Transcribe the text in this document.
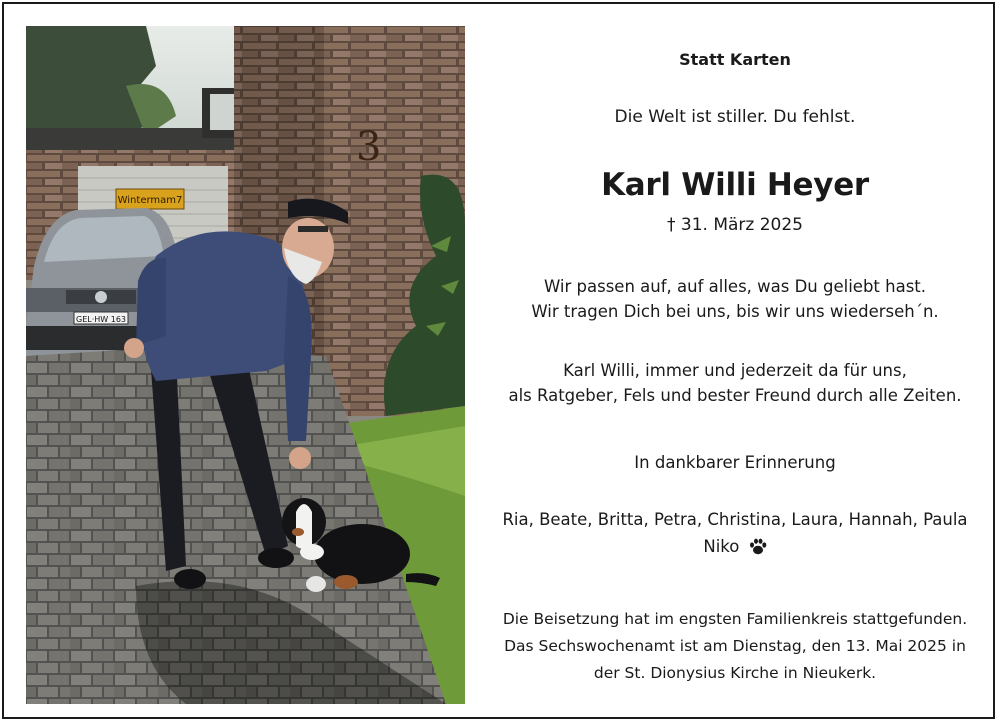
Wintermam7
3
GEL·HW 163
Statt Karten
Die Welt ist stiller. Du fehlst.
Karl Willi Heyer
† 31. März 2025
Wir passen auf, auf alles, was Du geliebt hast.
Wir tragen Dich bei uns, bis wir uns wiederseh´n.
Karl Willi, immer und jederzeit da für uns,
als Ratgeber, Fels und bester Freund durch alle Zeiten.
In dankbarer Erinnerung
Ria, Beate, Britta, Petra, Christina, Laura, Hannah, Paula
Niko
Die Beisetzung hat im engsten Familienkreis stattgefunden.
Das Sechswochenamt ist am Dienstag, den 13. Mai 2025 in
der St. Dionysius Kirche in Nieukerk.
